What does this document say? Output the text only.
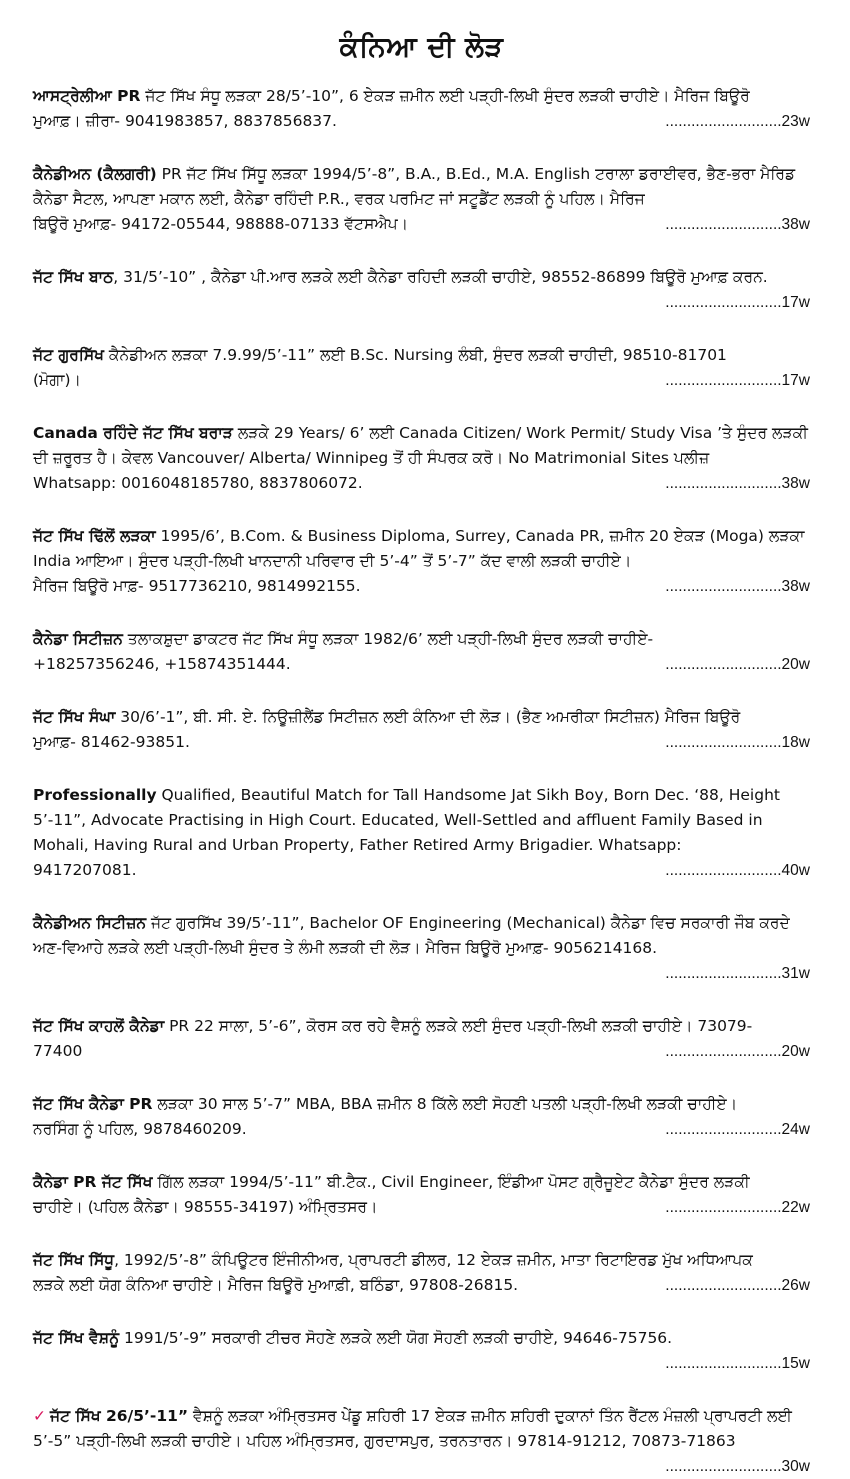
ਕੰਨਿਆ ਦੀ ਲੋੜ
ਆਸਟ੍ਰੇਲੀਆ PR ਜੱਟ ਸਿੱਖ ਸੰਧੂ ਲੜਕਾ 28/5’-10”, 6 ਏਕੜ ਜ਼ਮੀਨ ਲਈ ਪੜ੍ਹੀ-ਲਿਖੀ ਸੁੰਦਰ ਲੜਕੀ ਚਾਹੀਏ। ਮੈਰਿਜ ਬਿਊਰੋ
ਮੁਆਫ਼। ਜ਼ੀਰਾ- 9041983857, 8837856837.	...........................23w
ਕੈਨੇਡੀਅਨ (ਕੈਲਗਰੀ) PR ਜੱਟ ਸਿੱਖ ਸਿੱਧੂ ਲੜਕਾ 1994/5’-8”, B.A., B.Ed., M.A. English ਟਰਾਲਾ ਡਰਾਈਵਰ, ਭੈਣ-ਭਰਾ ਮੈਰਿਡ ਕੈਨੇਡਾ ਸੈਟਲ, ਆਪਣਾ ਮਕਾਨ ਲਈ, ਕੈਨੇਡਾ ਰਹਿੰਦੀ P.R., ਵਰਕ ਪਰਮਿਟ ਜਾਂ ਸਟੂਡੈਂਟ ਲੜਕੀ ਨੂੰ ਪਹਿਲ। ਮੈਰਿਜ
ਬਿਊਰੋ ਮੁਆਫ਼- 94172-05544, 98888-07133 ਵੱਟਸਐਪ।	...........................38w
ਜੱਟ ਸਿੱਖ ਬਾਠ, 31/5’-10” , ਕੈਨੇਡਾ ਪੀ.ਆਰ ਲੜਕੇ ਲਈ ਕੈਨੇਡਾ ਰਹਿਦੀ ਲੜਕੀ ਚਾਹੀਏ, 98552-86899 ਬਿਊਰੋ ਮੁਆਫ਼ ਕਰਨ.
...........................17w
ਜੱਟ ਗੁਰਸਿੱਖ ਕੈਨੇਡੀਅਨ ਲੜਕਾ 7.9.99/5’-11” ਲਈ B.Sc. Nursing ਲੰਬੀ, ਸੁੰਦਰ ਲੜਕੀ ਚਾਹੀਦੀ, 98510-81701
(ਮੋਗਾ)।	...........................17w
Canada ਰਹਿੰਦੇ ਜੱਟ ਸਿੱਖ ਬਰਾੜ ਲੜਕੇ 29 Years/ 6’ ਲਈ Canada Citizen/ Work Permit/ Study Visa ’ਤੇ ਸੁੰਦਰ ਲੜਕੀ ਦੀ ਜ਼ਰੂਰਤ ਹੈ। ਕੇਵਲ Vancouver/ Alberta/ Winnipeg ਤੋਂ ਹੀ ਸੰਪਰਕ ਕਰੋ। No Matrimonial Sites ਪਲੀਜ਼
Whatsapp: 0016048185780, 8837806072.	...........................38w
ਜੱਟ ਸਿੱਖ ਢਿੱਲੋਂ ਲੜਕਾ 1995/6’, B.Com. & Business Diploma, Surrey, Canada PR, ਜ਼ਮੀਨ 20 ਏਕੜ (Moga) ਲੜਕਾ India ਆਇਆ। ਸੁੰਦਰ ਪੜ੍ਹੀ-ਲਿਖੀ ਖਾਨਦਾਨੀ ਪਰਿਵਾਰ ਦੀ 5’-4” ਤੋਂ 5’-7” ਕੱਦ ਵਾਲੀ ਲੜਕੀ ਚਾਹੀਏ।
ਮੈਰਿਜ ਬਿਊਰੋ ਮਾਫ਼- 9517736210, 9814992155.	...........................38w
ਕੈਨੇਡਾ ਸਿਟੀਜ਼ਨ ਤਲਾਕਸ਼ੁਦਾ ਡਾਕਟਰ ਜੱਟ ਸਿੱਖ ਸੰਧੂ ਲੜਕਾ 1982/6’ ਲਈ ਪੜ੍ਹੀ-ਲਿਖੀ ਸੁੰਦਰ ਲੜਕੀ ਚਾਹੀਏ-
+18257356246, +15874351444.	...........................20w
ਜੱਟ ਸਿੱਖ ਸੰਘਾ 30/6’-1”, ਬੀ. ਸੀ. ਏ. ਨਿਊਜ਼ੀਲੈਂਡ ਸਿਟੀਜ਼ਨ ਲਈ ਕੰਨਿਆ ਦੀ ਲੋੜ। (ਭੈਣ ਅਮਰੀਕਾ ਸਿਟੀਜ਼ਨ) ਮੈਰਿਜ ਬਿਊਰੋ
ਮੁਆਫ਼- 81462-93851.	...........................18w
Professionally Qualified, Beautiful Match for Tall Handsome Jat Sikh Boy, Born Dec. ‘88, Height 5’-11”, Advocate Practising in High Court. Educated, Well-Settled and affluent Family Based in Mohali, Having Rural and Urban Property, Father Retired Army Brigadier. Whatsapp:
9417207081.	...........................40w
ਕੈਨੇਡੀਅਨ ਸਿਟੀਜ਼ਨ ਜੱਟ ਗੁਰਸਿੱਖ 39/5’-11”, Bachelor OF Engineering (Mechanical) ਕੈਨੇਡਾ ਵਿਚ ਸਰਕਾਰੀ ਜੌਬ ਕਰਦੇ ਅਣ-ਵਿਆਹੇ ਲੜਕੇ ਲਈ ਪੜ੍ਹੀ-ਲਿਖੀ ਸੁੰਦਰ ਤੇ ਲੰਮੀ ਲੜਕੀ ਦੀ ਲੋੜ। ਮੈਰਿਜ ਬਿਊਰੋ ਮੁਆਫ਼- 9056214168.
...........................31w
ਜੱਟ ਸਿੱਖ ਕਾਹਲੋਂ ਕੈਨੇਡਾ PR 22 ਸਾਲਾ, 5’-6”, ਕੋਰਸ ਕਰ ਰਹੇ ਵੈਸ਼ਨੂੰ ਲੜਕੇ ਲਈ ਸੁੰਦਰ ਪੜ੍ਹੀ-ਲਿਖੀ ਲੜਕੀ ਚਾਹੀਏ। 73079-
77400	...........................20w
ਜੱਟ ਸਿੱਖ ਕੈਨੇਡਾ PR ਲੜਕਾ 30 ਸਾਲ 5’-7” MBA, BBA ਜ਼ਮੀਨ 8 ਕਿੱਲੇ ਲਈ ਸੋਹਣੀ ਪਤਲੀ ਪੜ੍ਹੀ-ਲਿਖੀ ਲੜਕੀ ਚਾਹੀਏ।
ਨਰਸਿੰਗ ਨੂੰ ਪਹਿਲ, 9878460209.	...........................24w
ਕੈਨੇਡਾ PR ਜੱਟ ਸਿੱਖ ਗਿੱਲ ਲੜਕਾ 1994/5’-11” ਬੀ.ਟੈਕ., Civil Engineer, ਇੰਡੀਆ ਪੋਸਟ ਗ੍ਰੈਜੂਏਟ ਕੈਨੇਡਾ ਸੁੰਦਰ ਲੜਕੀ
ਚਾਹੀਏ। (ਪਹਿਲ ਕੈਨੇਡਾ। 98555-34197) ਅੰਮ੍ਰਿਤਸਰ।	...........................22w
ਜੱਟ ਸਿੱਖ ਸਿੱਧੂ, 1992/5’-8” ਕੰਪਿਊਟਰ ਇੰਜੀਨੀਅਰ, ਪ੍ਰਾਪਰਟੀ ਡੀਲਰ, 12 ਏਕੜ ਜ਼ਮੀਨ, ਮਾਤਾ ਰਿਟਾਇਰਡ ਮੁੱਖ ਅਧਿਆਪਕ
ਲੜਕੇ ਲਈ ਯੋਗ ਕੰਨਿਆ ਚਾਹੀਏ। ਮੈਰਿਜ ਬਿਊਰੋ ਮੁਆਫ਼ੀ, ਬਠਿੰਡਾ, 97808-26815.	...........................26w
ਜੱਟ ਸਿੱਖ ਵੈਸ਼ਨੂੰ 1991/5’-9” ਸਰਕਾਰੀ ਟੀਚਰ ਸੋਹਣੇ ਲੜਕੇ ਲਈ ਯੋਗ ਸੋਹਣੀ ਲੜਕੀ ਚਾਹੀਏ, 94646-75756.
...........................15w
✓ ਜੱਟ ਸਿੱਖ 26/5’-11” ਵੈਸ਼ਨੂੰ ਲੜਕਾ ਅੰਮ੍ਰਿਤਸਰ ਪੇਂਡੂ ਸ਼ਹਿਰੀ 17 ਏਕੜ ਜ਼ਮੀਨ ਸ਼ਹਿਰੀ ਦੁਕਾਨਾਂ ਤਿੰਨ ਰੈਂਟਲ ਮੰਜ਼ਲੀ ਪ੍ਰਾਪਰਟੀ ਲਈ 5’-5” ਪੜ੍ਹੀ-ਲਿਖੀ ਲੜਕੀ ਚਾਹੀਏ। ਪਹਿਲ ਅੰਮ੍ਰਿਤਸਰ, ਗੁਰਦਾਸਪੁਰ, ਤਰਨਤਾਰਨ। 97814-91212, 70873-71863
...........................30w
